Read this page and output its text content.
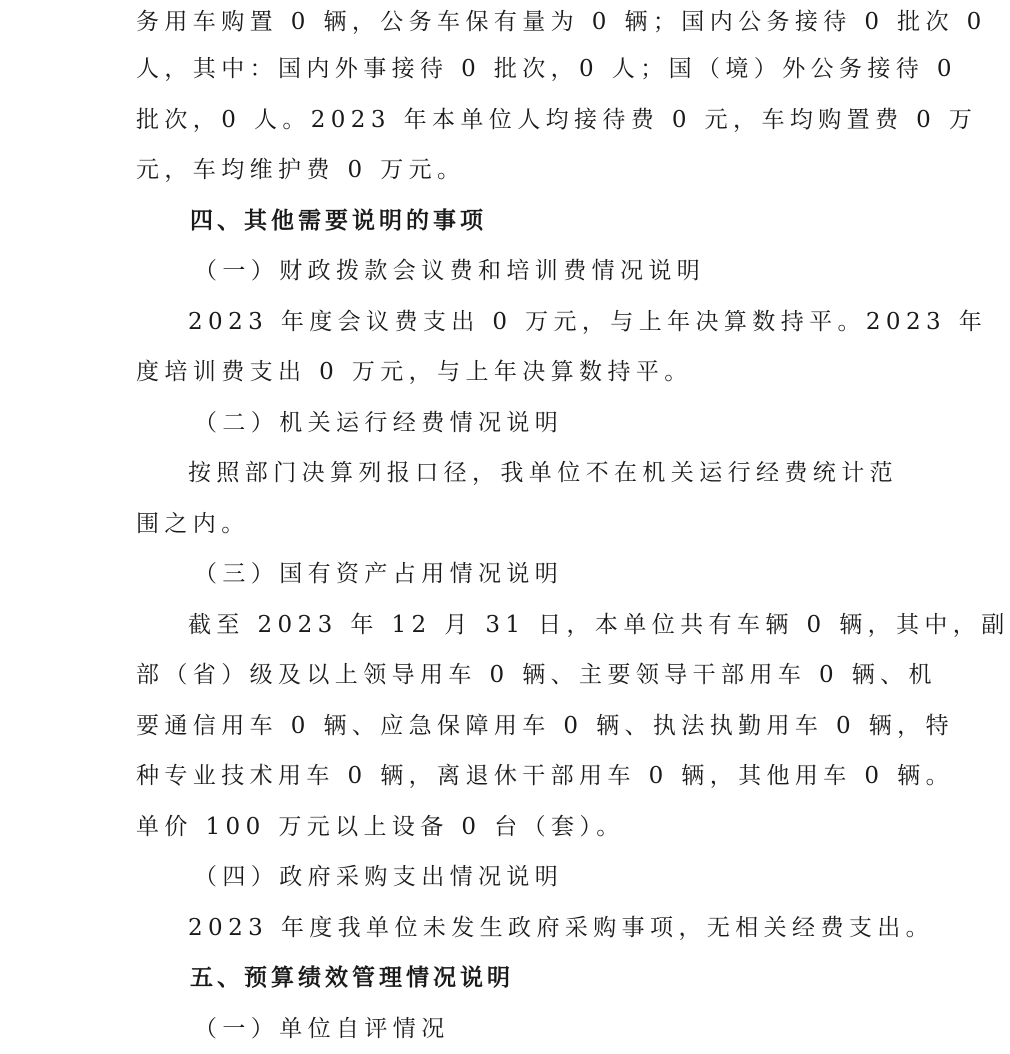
务用车购置 0 辆，公务车保有量为 0 辆；国内公务接待 0 批次 0
人，其中：国内外事接待 0 批次，0 人；国（境）外公务接待 0
批次，0 人。2023 年本单位人均接待费 0 元，车均购置费 0 万
元，车均维护费 0 万元。
四、其他需要说明的事项
（一）财政拨款会议费和培训费情况说明
2023 年度会议费支出 0 万元，与上年决算数持平。2023 年
度培训费支出 0 万元，与上年决算数持平。
（二）机关运行经费情况说明
按照部门决算列报口径，我单位不在机关运行经费统计范
围之内。
（三）国有资产占用情况说明
截至 2023 年 12 月 31 日，本单位共有车辆 0 辆，其中，副
部（省）级及以上领导用车 0 辆、主要领导干部用车 0 辆、机
要通信用车 0 辆、应急保障用车 0 辆、执法执勤用车 0 辆，特
种专业技术用车 0 辆，离退休干部用车 0 辆，其他用车 0 辆。
单价 100 万元以上设备 0 台（套）。
（四）政府采购支出情况说明
2023 年度我单位未发生政府采购事项，无相关经费支出。
五、预算绩效管理情况说明
（一）单位自评情况
